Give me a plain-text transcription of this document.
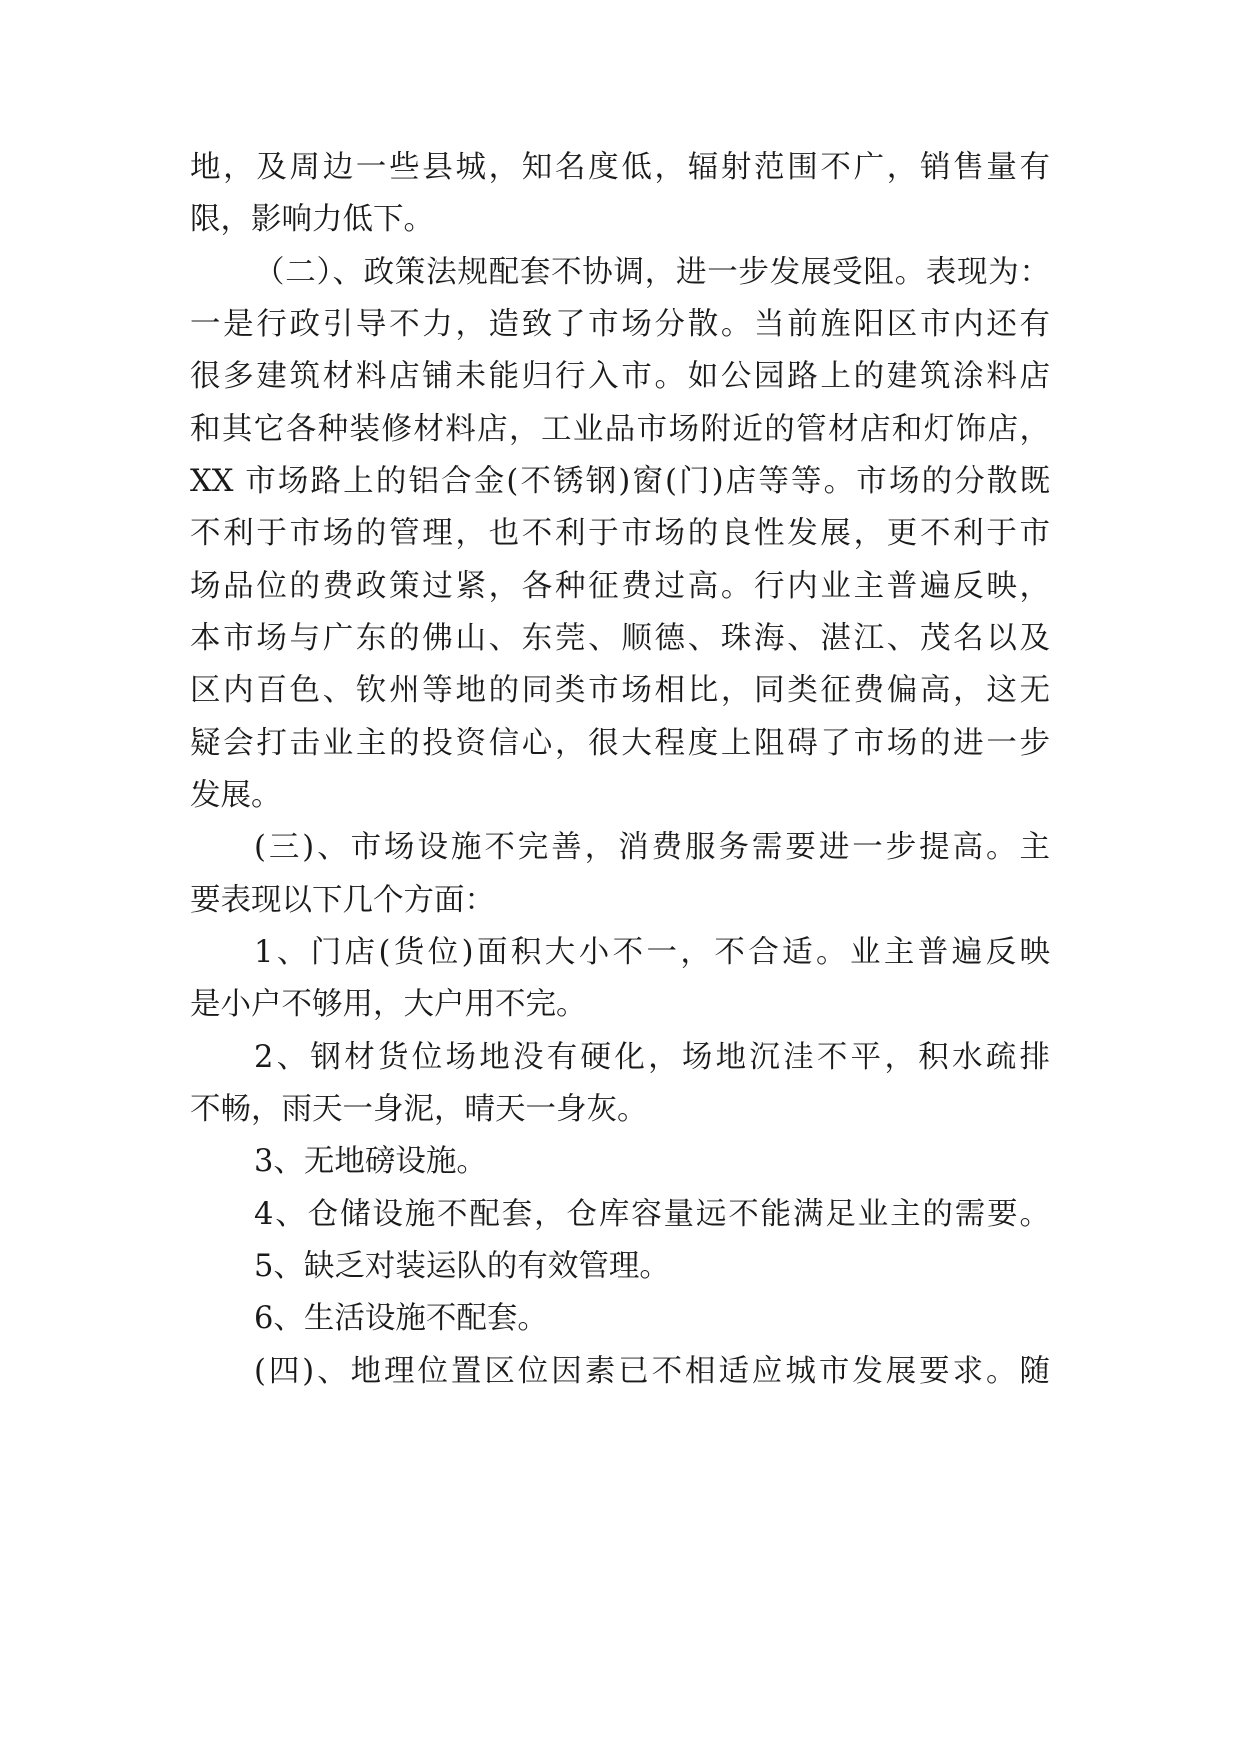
地，及周边一些县城，知名度低，辐射范围不广，销售量有
限，影响力低下。
（二）、政策法规配套不协调，进一步发展受阻。表现为：
一是行政引导不力，造致了市场分散。当前旌阳区市内还有
很多建筑材料店铺未能归行入市。如公园路上的建筑涂料店
和其它各种装修材料店，工业品市场附近的管材店和灯饰店，
XX 市场路上的铝合金(不锈钢)窗(门)店等等。市场的分散既
不利于市场的管理，也不利于市场的良性发展，更不利于市
场品位的费政策过紧，各种征费过高。行内业主普遍反映，
本市场与广东的佛山、东莞、顺德、珠海、湛江、茂名以及
区内百色、钦州等地的同类市场相比，同类征费偏高，这无
疑会打击业主的投资信心，很大程度上阻碍了市场的进一步
发展。
(三)、市场设施不完善，消费服务需要进一步提高。主
要表现以下几个方面：
1、门店(货位)面积大小不一，不合适。业主普遍反映
是小户不够用，大户用不完。
2、钢材货位场地没有硬化，场地沉洼不平，积水疏排
不畅，雨天一身泥，晴天一身灰。
3、无地磅设施。
4、仓储设施不配套，仓库容量远不能满足业主的需要。
5、缺乏对装运队的有效管理。
6、生活设施不配套。
(四)、地理位置区位因素已不相适应城市发展要求。随
